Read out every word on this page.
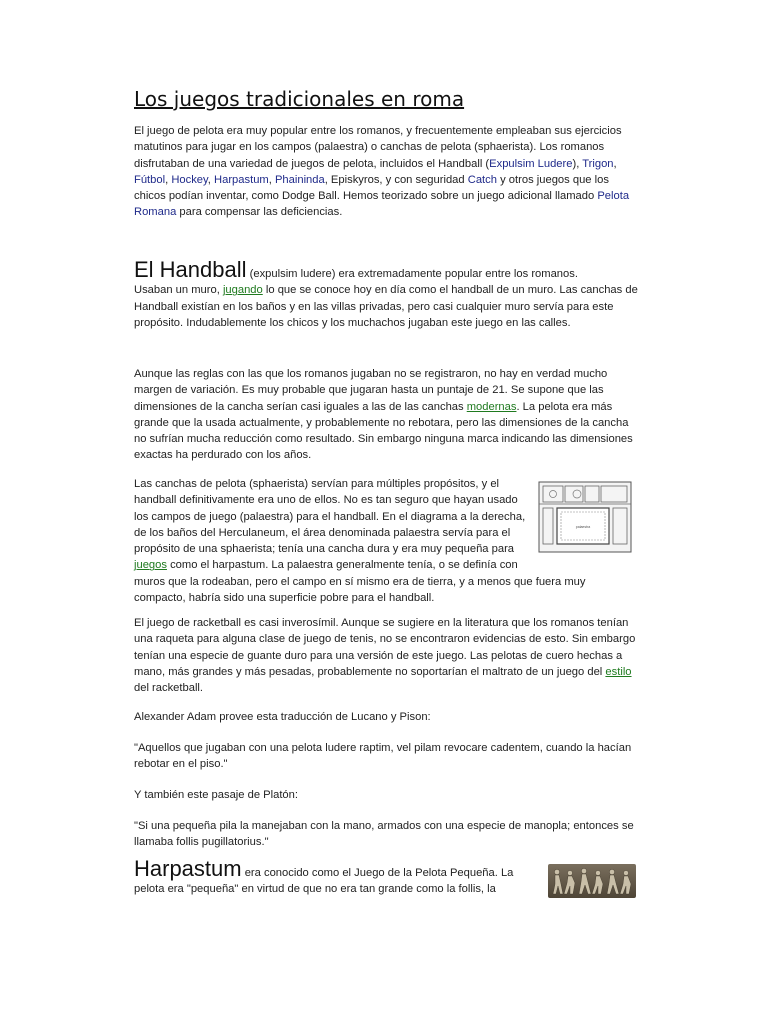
Los juegos tradicionales en roma

El juego de pelota era muy popular entre los romanos, y frecuentemente empleaban sus ejercicios matutinos para jugar en los campos (palaestra) o canchas de pelota (sphaerista). Los romanos disfrutaban de una variedad de juegos de pelota, incluidos el Handball (Expulsim Ludere), Trigon, Fútbol, Hockey, Harpastum, Phaininda, Episkyros, y con seguridad Catch y otros juegos que los chicos podían inventar, como Dodge Ball. Hemos teorizado sobre un juego adicional llamado Pelota Romana para compensar las deficiencias.

El Handball (expulsim ludere) era extremadamente popular entre los romanos.
Usaban un muro, jugando lo que se conoce hoy en día como el handball de un muro. Las canchas de Handball existían en los baños y en las villas privadas, pero casi cualquier muro servía para este propósito. Indudablemente los chicos y los muchachos jugaban este juego en las calles.

Aunque las reglas con las que los romanos jugaban no se registraron, no hay en verdad mucho margen de variación. Es muy probable que jugaran hasta un puntaje de 21. Se supone que las dimensiones de la cancha serían casi iguales a las de las canchas modernas. La pelota era más grande que la usada actualmente, y probablemente no rebotara, pero las dimensiones de la cancha no sufrían mucha reducción como resultado. Sin embargo ninguna marca indicando las dimensiones exactas ha perdurado con los años.

Las canchas de pelota (sphaerista) servían para múltiples propósitos, y el handball definitivamente era uno de ellos. No es tan seguro que hayan usado los campos de juego (palaestra) para el handball. En el diagrama a la derecha, de los baños del Herculaneum, el área denominada palaestra servía para el propósito de una sphaerista; tenía una cancha dura y era muy pequeña para juegos como el harpastum. La palaestra generalmente tenía, o se definía con muros que la rodeaban, pero el campo en sí mismo era de tierra, y a menos que fuera muy compacto, habría sido una superficie pobre para el handball.

El juego de racketball es casi inverosímil. Aunque se sugiere en la literatura que los romanos tenían una raqueta para alguna clase de juego de tenis, no se encontraron evidencias de esto. Sin embargo tenían una especie de guante duro para una versión de este juego. Las pelotas de cuero hechas a mano, más grandes y más pesadas, probablemente no soportarían el maltrato de un juego del estilo del racketball.

Alexander Adam provee esta traducción de Lucano y Pison:

"Aquellos que jugaban con una pelota ludere raptim, vel pilam revocare cadentem, cuando la hacían rebotar en el piso."

Y también este pasaje de Platón:

"Si una pequeña pila la manejaban con la mano, armados con una especie de manopla; entonces se llamaba follis pugillatorius."

Harpastum era conocido como el Juego de la Pelota Pequeña. La pelota era "pequeña" en virtud de que no era tan grande como la follis, la

palaestra
